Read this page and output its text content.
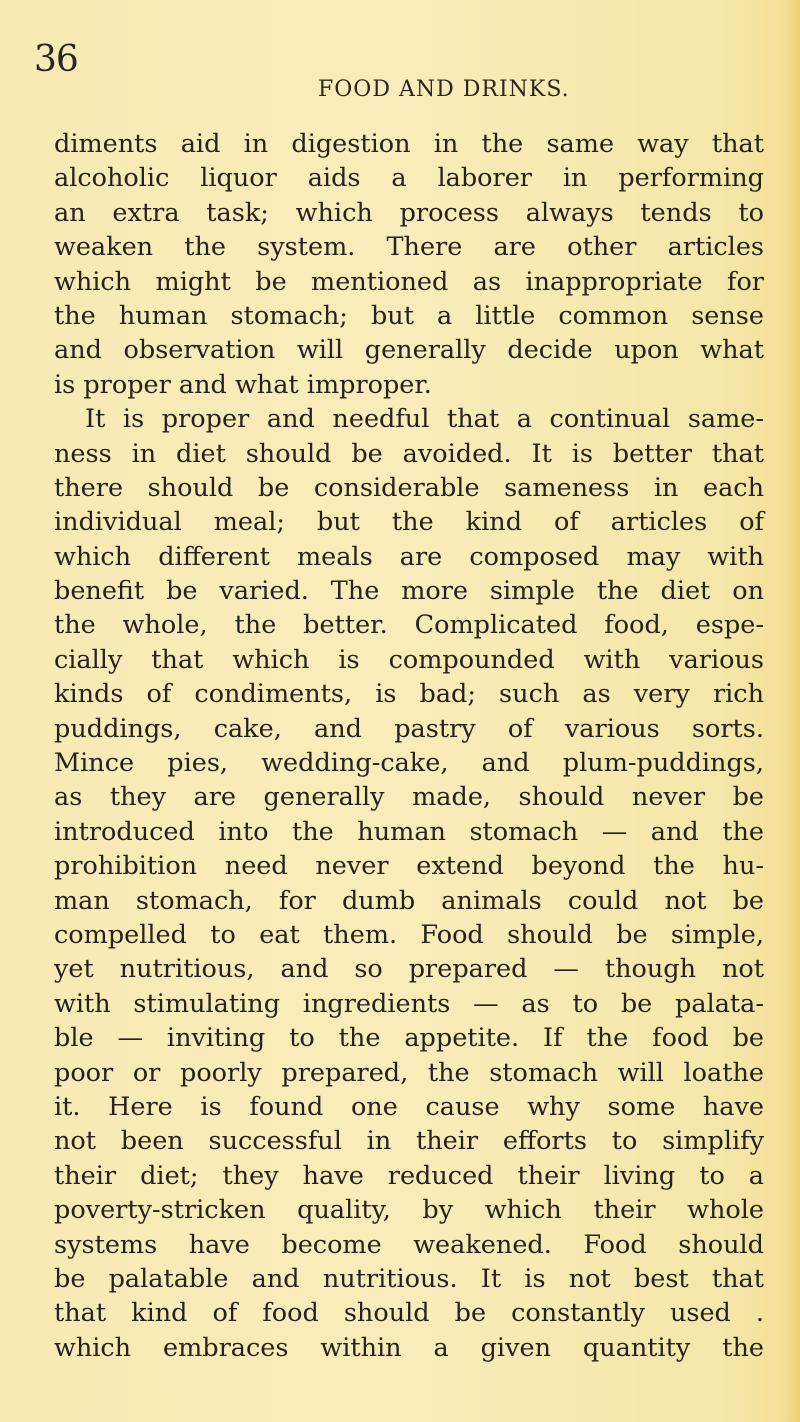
36
FOOD AND DRINKS.
diments aid in digestion in the same way that
alcoholic liquor aids a laborer in performing
an extra task; which process always tends to
weaken the system. There are other articles
which might be mentioned as inappropriate for
the human stomach; but a little common sense
and observation will generally decide upon what
is proper and what improper.
It is proper and needful that a continual same-
ness in diet should be avoided. It is better that
there should be considerable sameness in each
individual meal; but the kind of articles of
which different meals are composed may with
benefit be varied. The more simple the diet on
the whole, the better. Complicated food, espe-
cially that which is compounded with various
kinds of condiments, is bad; such as very rich
puddings, cake, and pastry of various sorts.
Mince pies, wedding-cake, and plum-puddings,
as they are generally made, should never be
introduced into the human stomach — and the
prohibition need never extend beyond the hu-
man stomach, for dumb animals could not be
compelled to eat them. Food should be simple,
yet nutritious, and so prepared — though not
with stimulating ingredients — as to be palata-
ble — inviting to the appetite. If the food be
poor or poorly prepared, the stomach will loathe
it. Here is found one cause why some have
not been successful in their efforts to simplify
their diet; they have reduced their living to a
poverty-stricken quality, by which their whole
systems have become weakened. Food should
be palatable and nutritious. It is not best that
that kind of food should be constantly used .
which embraces within a given quantity the
